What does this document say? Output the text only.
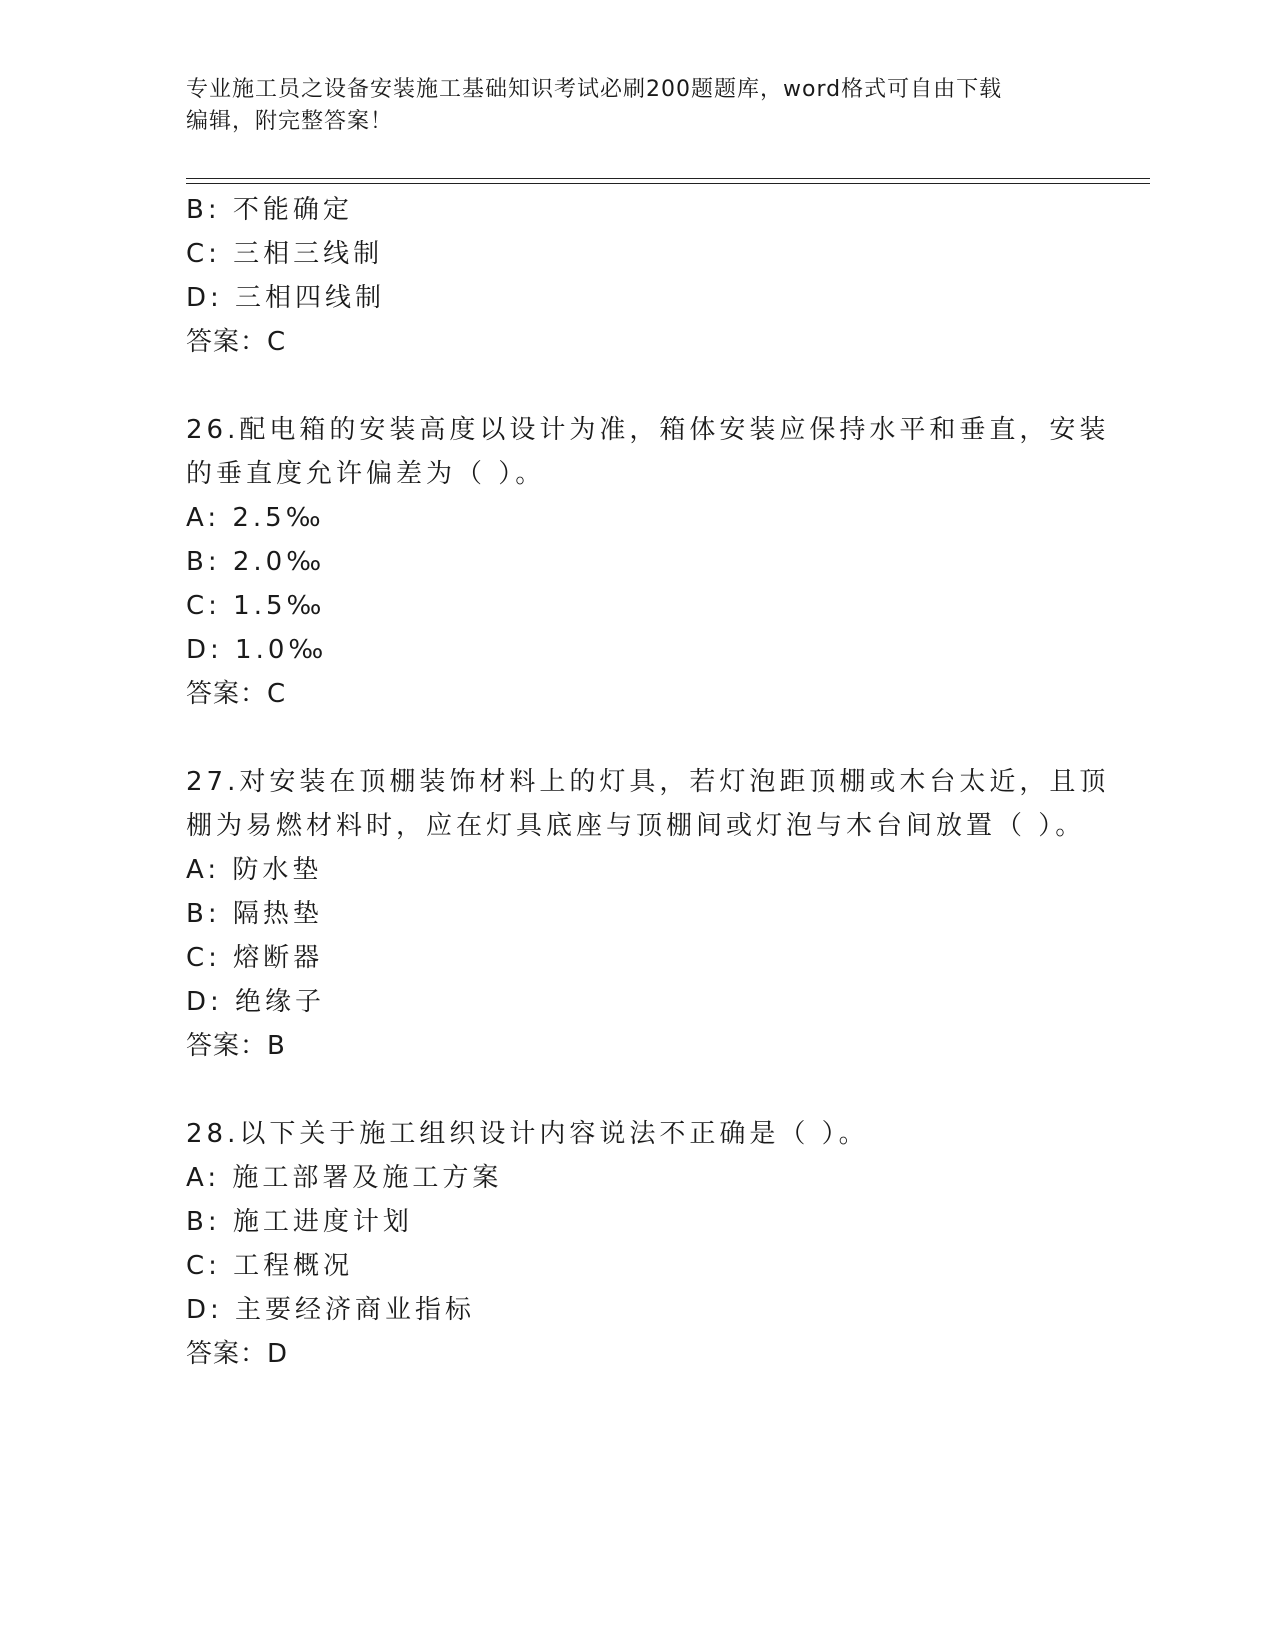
专业施工员之设备安装施工基础知识考试必刷200题题库，word格式可自由下载
编辑，附完整答案！
B: 不能确定
C: 三相三线制
D: 三相四线制
答案：C
26.配电箱的安装高度以设计为准，箱体安装应保持水平和垂直，安装
的垂直度允许偏差为（ ）。
A: 2.5‰
B: 2.0‰
C: 1.5‰
D: 1.0‰
答案：C
27.对安装在顶棚装饰材料上的灯具，若灯泡距顶棚或木台太近，且顶
棚为易燃材料时，应在灯具底座与顶棚间或灯泡与木台间放置（ ）。
A: 防水垫
B: 隔热垫
C: 熔断器
D: 绝缘子
答案：B
28.以下关于施工组织设计内容说法不正确是（ ）。
A: 施工部署及施工方案
B: 施工进度计划
C: 工程概况
D: 主要经济商业指标
答案：D
